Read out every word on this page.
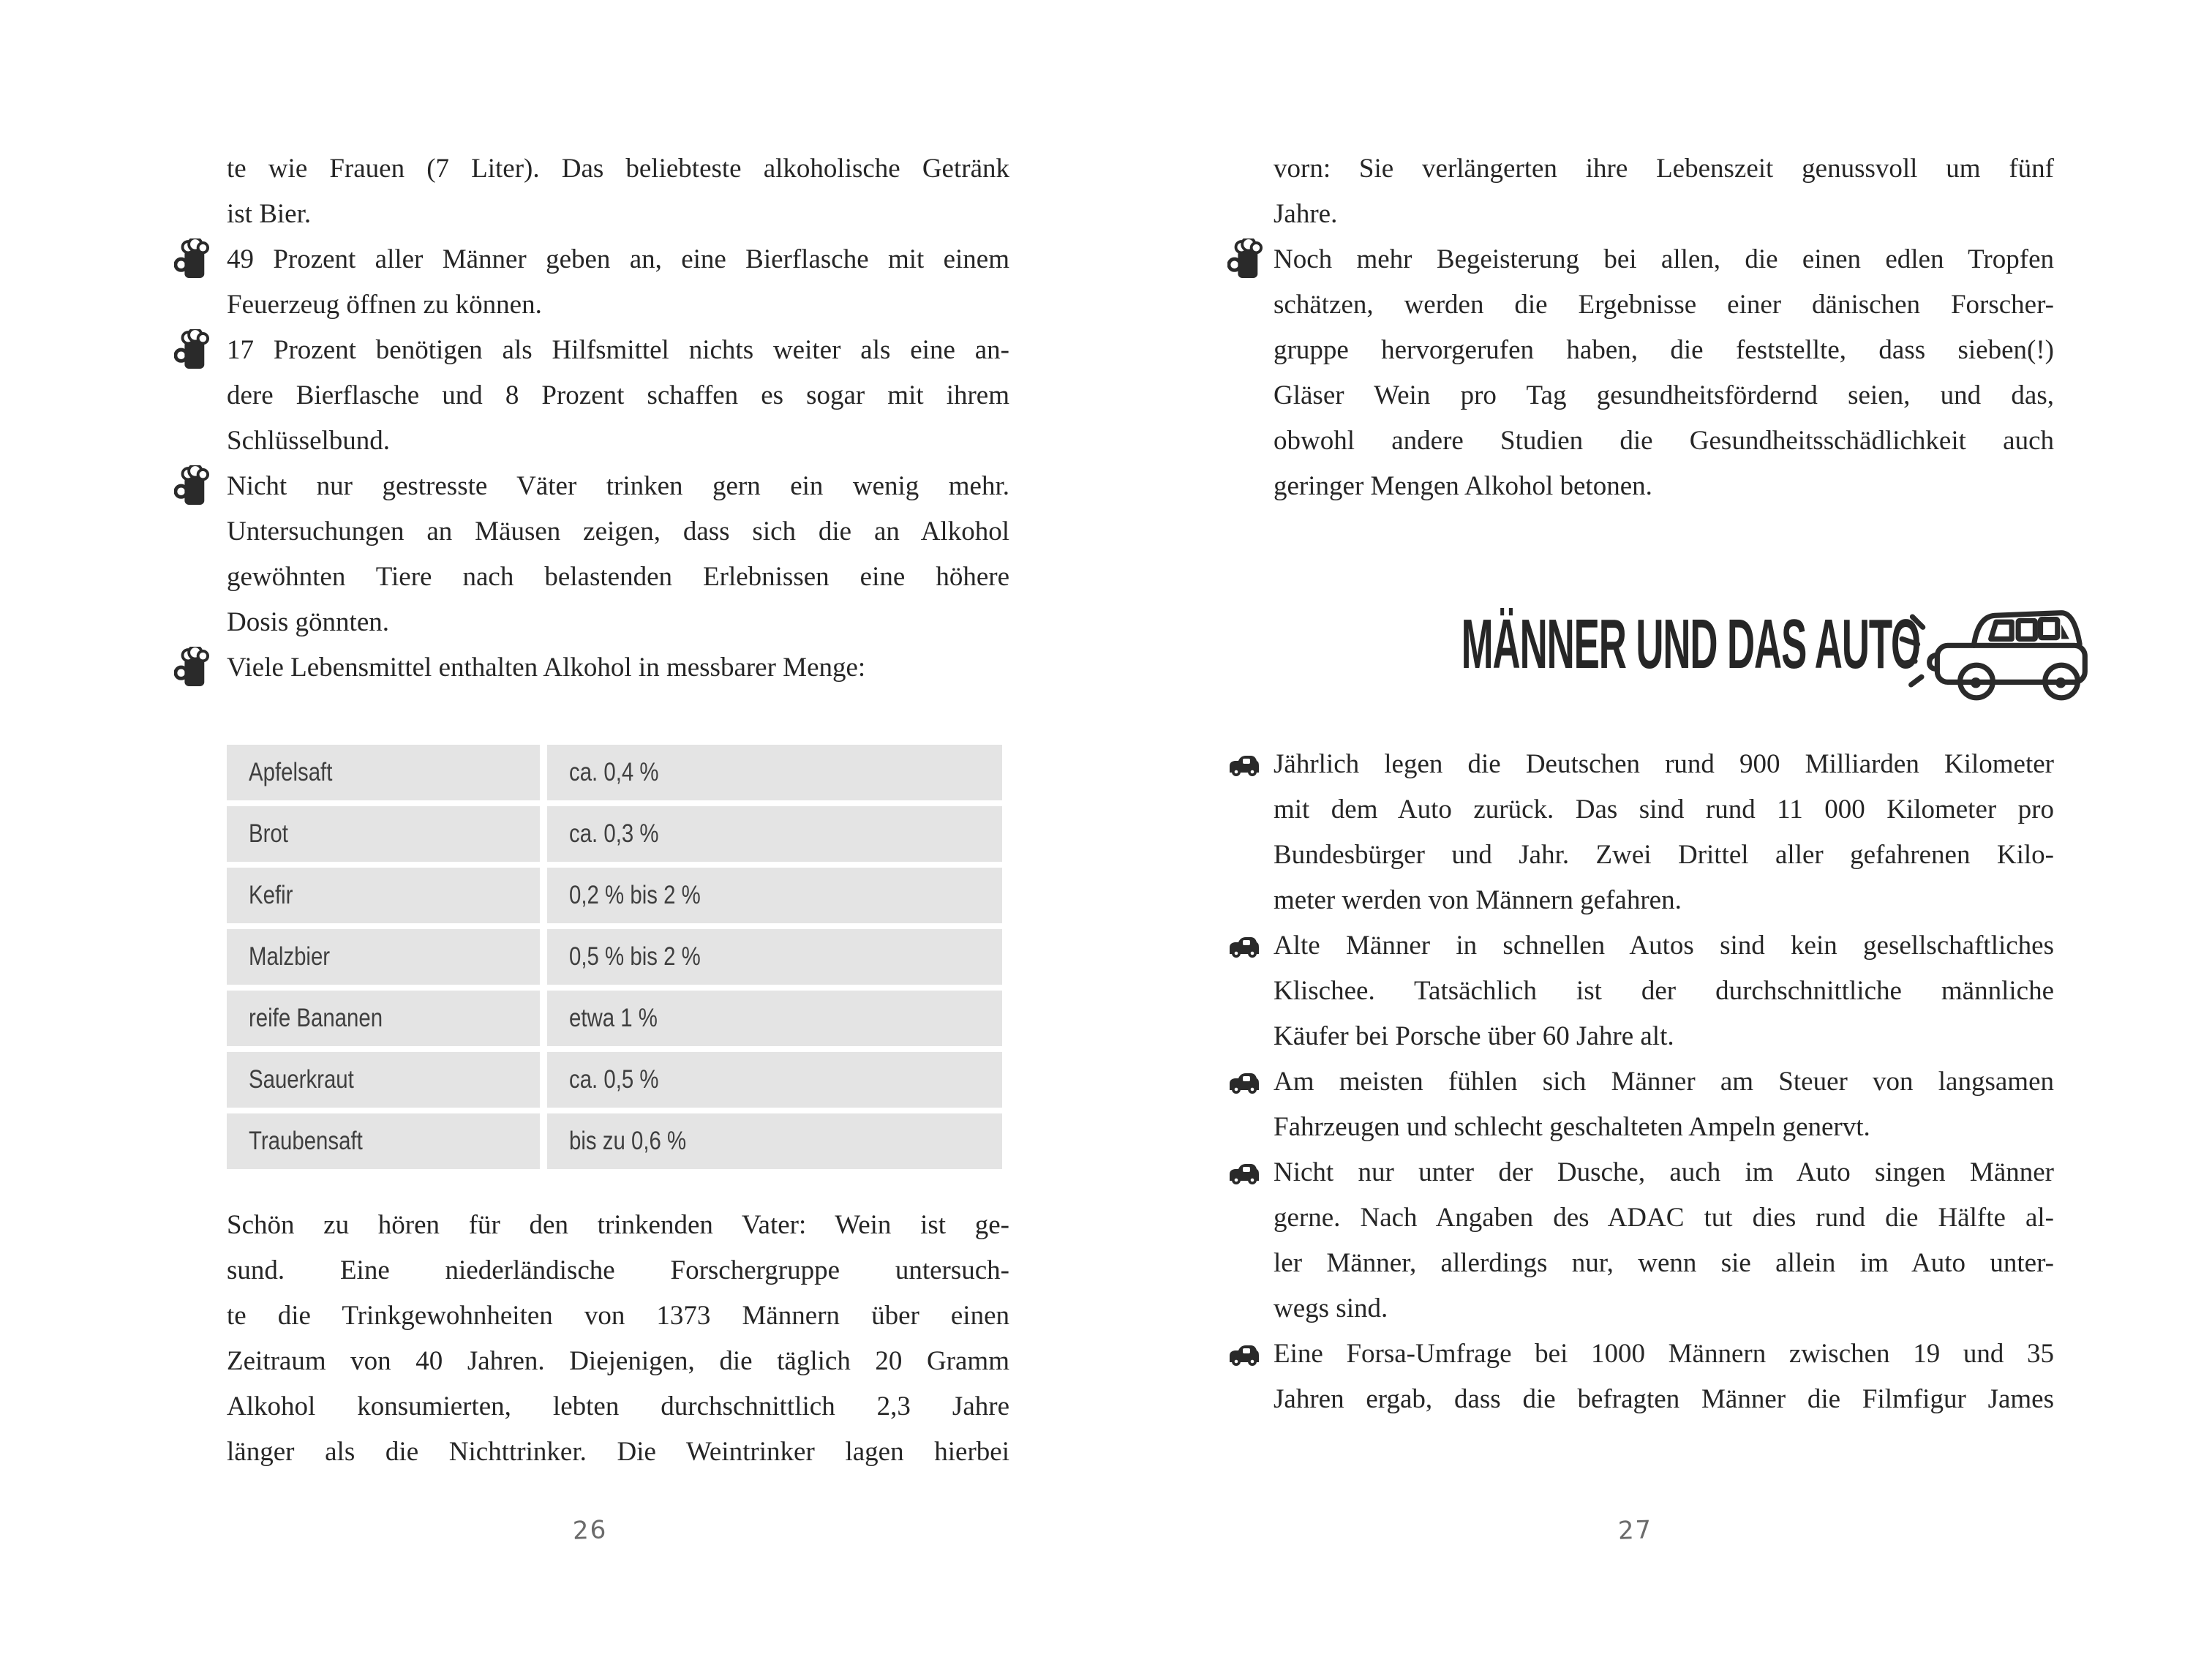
te wie Frauen (7 Liter). Das beliebteste alkoholische Getränk
ist Bier.
49 Prozent aller Männer geben an, eine Bierflasche mit einem
Feuerzeug öffnen zu können.
17 Prozent benötigen als Hilfsmittel nichts weiter als eine an-
dere Bierflasche und 8 Prozent schaffen es sogar mit ihrem
Schlüsselbund.
Nicht nur gestresste Väter trinken gern ein wenig mehr.
Untersuchungen an Mäusen zeigen, dass sich die an Alkohol
gewöhnten Tiere nach belastenden Erlebnissen eine höhere
Dosis gönnten.
Viele Lebensmittel enthalten Alkohol in messbarer Menge:
Apfelsaft	ca. 0,4 %
Brot	ca. 0,3 %
Kefir	0,2 % bis 2 %
Malzbier	0,5 % bis 2 %
reife Bananen	etwa 1 %
Sauerkraut	ca. 0,5 %
Traubensaft	bis zu 0,6 %
Schön zu hören für den trinkenden Vater: Wein ist ge-
sund. Eine niederländische Forschergruppe untersuch-
te die Trinkgewohnheiten von 1373 Männern über einen
Zeitraum von 40 Jahren. Diejenigen, die täglich 20 Gramm
Alkohol konsumierten, lebten durchschnittlich 2,3 Jahre
länger als die Nichttrinker. Die Weintrinker lagen hierbei
26
vorn: Sie verlängerten ihre Lebenszeit genussvoll um fünf
Jahre.
Noch mehr Begeisterung bei allen, die einen edlen Tropfen
schätzen, werden die Ergebnisse einer dänischen Forscher-
gruppe hervorgerufen haben, die feststellte, dass sieben(!)
Gläser Wein pro Tag gesundheitsfördernd seien, und das,
obwohl andere Studien die Gesundheitsschädlichkeit auch
geringer Mengen Alkohol betonen.
MÄNNER UND DAS AUTO
Jährlich legen die Deutschen rund 900 Milliarden Kilometer
mit dem Auto zurück. Das sind rund 11 000 Kilometer pro
Bundesbürger und Jahr. Zwei Drittel aller gefahrenen Kilo-
meter werden von Männern gefahren.
Alte Männer in schnellen Autos sind kein gesellschaftliches
Klischee. Tatsächlich ist der durchschnittliche männliche
Käufer bei Porsche über 60 Jahre alt.
Am meisten fühlen sich Männer am Steuer von langsamen
Fahrzeugen und schlecht geschalteten Ampeln genervt.
Nicht nur unter der Dusche, auch im Auto singen Männer
gerne. Nach Angaben des ADAC tut dies rund die Hälfte al-
ler Männer, allerdings nur, wenn sie allein im Auto unter-
wegs sind.
Eine Forsa-Umfrage bei 1000 Männern zwischen 19 und 35
Jahren ergab, dass die befragten Männer die Filmfigur James
27
